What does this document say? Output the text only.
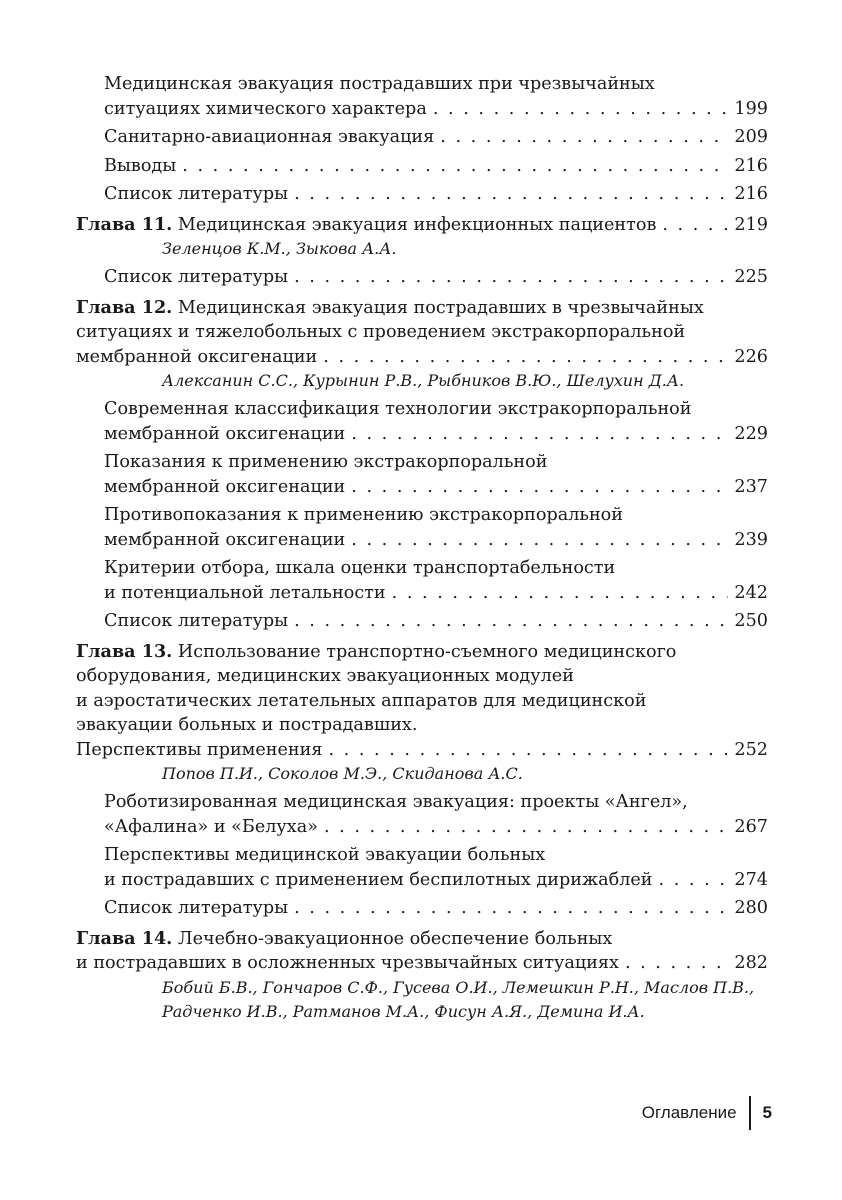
Медицинская эвакуация пострадавших при чрезвычайных
ситуациях химического характера . . .	199
Санитарно-авиационная эвакуация . . .	209
Выводы . . .	216
Список литературы . . .	216
Глава 11. Медицинская эвакуация инфекционных пациентов . . .	219
Зеленцов К.М., Зыкова А.А.
Список литературы . . .	225
Глава 12. Медицинская эвакуация пострадавших в чрезвычайных
ситуациях и тяжелобольных с проведением экстракорпоральной
мембранной оксигенации . . .	226
Алексанин С.С., Курынин Р.В., Рыбников В.Ю., Шелухин Д.А.
Современная классификация технологии экстракорпоральной
мембранной оксигенации . . .	229
Показания к применению экстракорпоральной
мембранной оксигенации . . .	237
Противопоказания к применению экстракорпоральной
мембранной оксигенации . . .	239
Критерии отбора, шкала оценки транспортабельности
и потенциальной летальности . . .	242
Список литературы . . .	250
Глава 13. Использование транспортно-съемного медицинского
оборудования, медицинских эвакуационных модулей
и аэростатических летательных аппаратов для медицинской
эвакуации больных и пострадавших.
Перспективы применения . . .	252
Попов П.И., Соколов М.Э., Скиданова А.С.
Роботизированная медицинская эвакуация: проекты «Ангел»,
«Афалина» и «Белуха» . . .	267
Перспективы медицинской эвакуации больных
и пострадавших с применением беспилотных дирижаблей . . .	274
Список литературы . . .	280
Глава 14. Лечебно-эвакуационное обеспечение больных
и пострадавших в осложненных чрезвычайных ситуациях . . .	282
Бобий Б.В., Гончаров С.Ф., Гусева О.И., Лемешкин Р.Н., Маслов П.В.,
Радченко И.В., Ратманов М.А., Фисун А.Я., Демина И.А.
Оглавление	5
